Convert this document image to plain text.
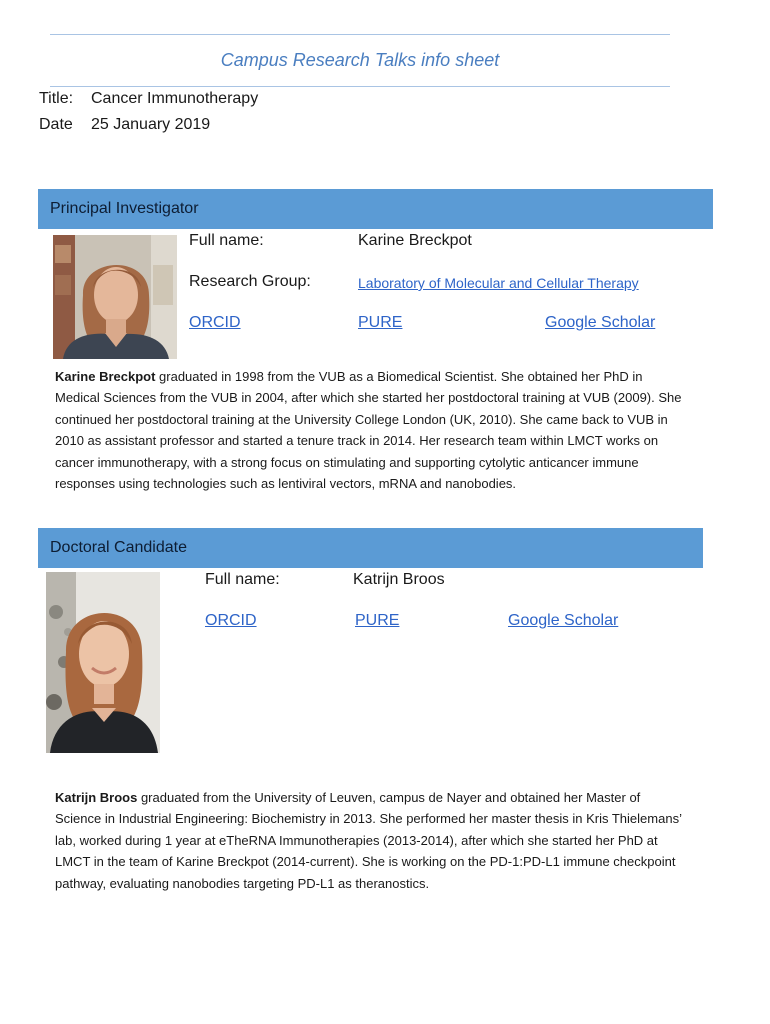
Campus Research Talks info sheet
Title: Cancer Immunotherapy
Date 25 January 2019
Principal Investigator
Full name:	Karine Breckpot
Research Group:	Laboratory of Molecular and Cellular Therapy
ORCID	PURE	Google Scholar
Karine Breckpot graduated in 1998 from the VUB as a Biomedical Scientist. She obtained her PhD in Medical Sciences from the VUB in 2004, after which she started her postdoctoral training at VUB (2009). She continued her postdoctoral training at the University College London (UK, 2010). She came back to VUB in 2010 as assistant professor and started a tenure track in 2014. Her research team within LMCT works on cancer immunotherapy, with a strong focus on stimulating and supporting cytolytic anticancer immune responses using technologies such as lentiviral vectors, mRNA and nanobodies.
Doctoral Candidate
Full name:	Katrijn Broos
ORCID	PURE	Google Scholar
Katrijn Broos graduated from the University of Leuven, campus de Nayer and obtained her Master of Science in Industrial Engineering: Biochemistry in 2013. She performed her master thesis in Kris Thielemans’ lab, worked during 1 year at eTheRNA Immunotherapies (2013-2014), after which she started her PhD at LMCT in the team of Karine Breckpot (2014-current). She is working on the PD-1:PD-L1 immune checkpoint pathway, evaluating nanobodies targeting PD-L1 as theranostics.
